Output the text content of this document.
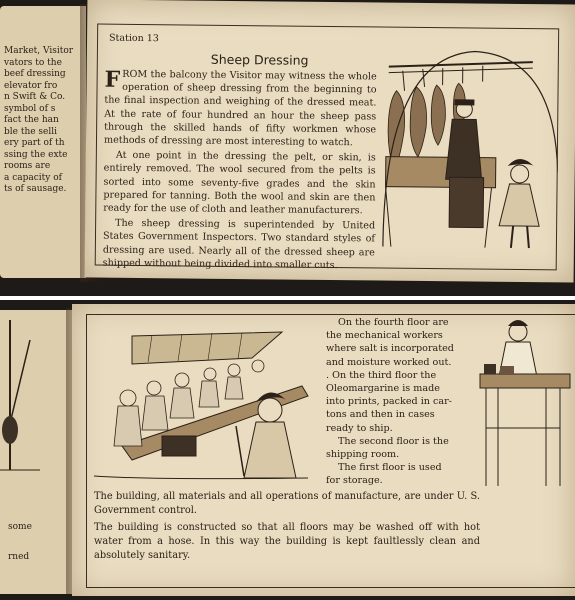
Market, Visitor
vators to the
beef dressing
elevator fro
n Swift & Co.
symbol of s
fact the han
ble the selli
ery part of th
ssing the exte
rooms are
a capacity of
ts of sausage.
Station 13
Sheep Dressing

FROM the balcony the Visitor may witness the whole operation of sheep dressing from the beginning to the final inspection and weighing of the dressed meat. At the rate of four hundred an hour the sheep pass through the skilled hands of fifty workmen whose methods of dressing are most interesting to watch.

At one point in the dressing the pelt, or skin, is entirely removed. The wool secured from the pelts is sorted into some seventy-five grades and the skin prepared for tanning. Both the wool and skin are then ready for the use of cloth and leather manufacturers.

The sheep dressing is superintended by United States Government Inspectors. Two standard styles of dressing are used. Nearly all of the dressed sheep are shipped without being divided into smaller cuts.

some
rned
On the fourth floor are
the mechanical workers
where salt is incorporated
and moisture worked out.
. On the third floor the
Oleomargarine is made
into prints, packed in car-
tons and then in cases
ready to ship.
The second floor is the
shipping room.
The first floor is used
for storage.

The building, all materials and all operations of manufacture, are under U. S. Government control.

The building is constructed so that all floors may be washed off with hot water from a hose. In this way the building is kept faultlessly clean and absolutely sanitary.
